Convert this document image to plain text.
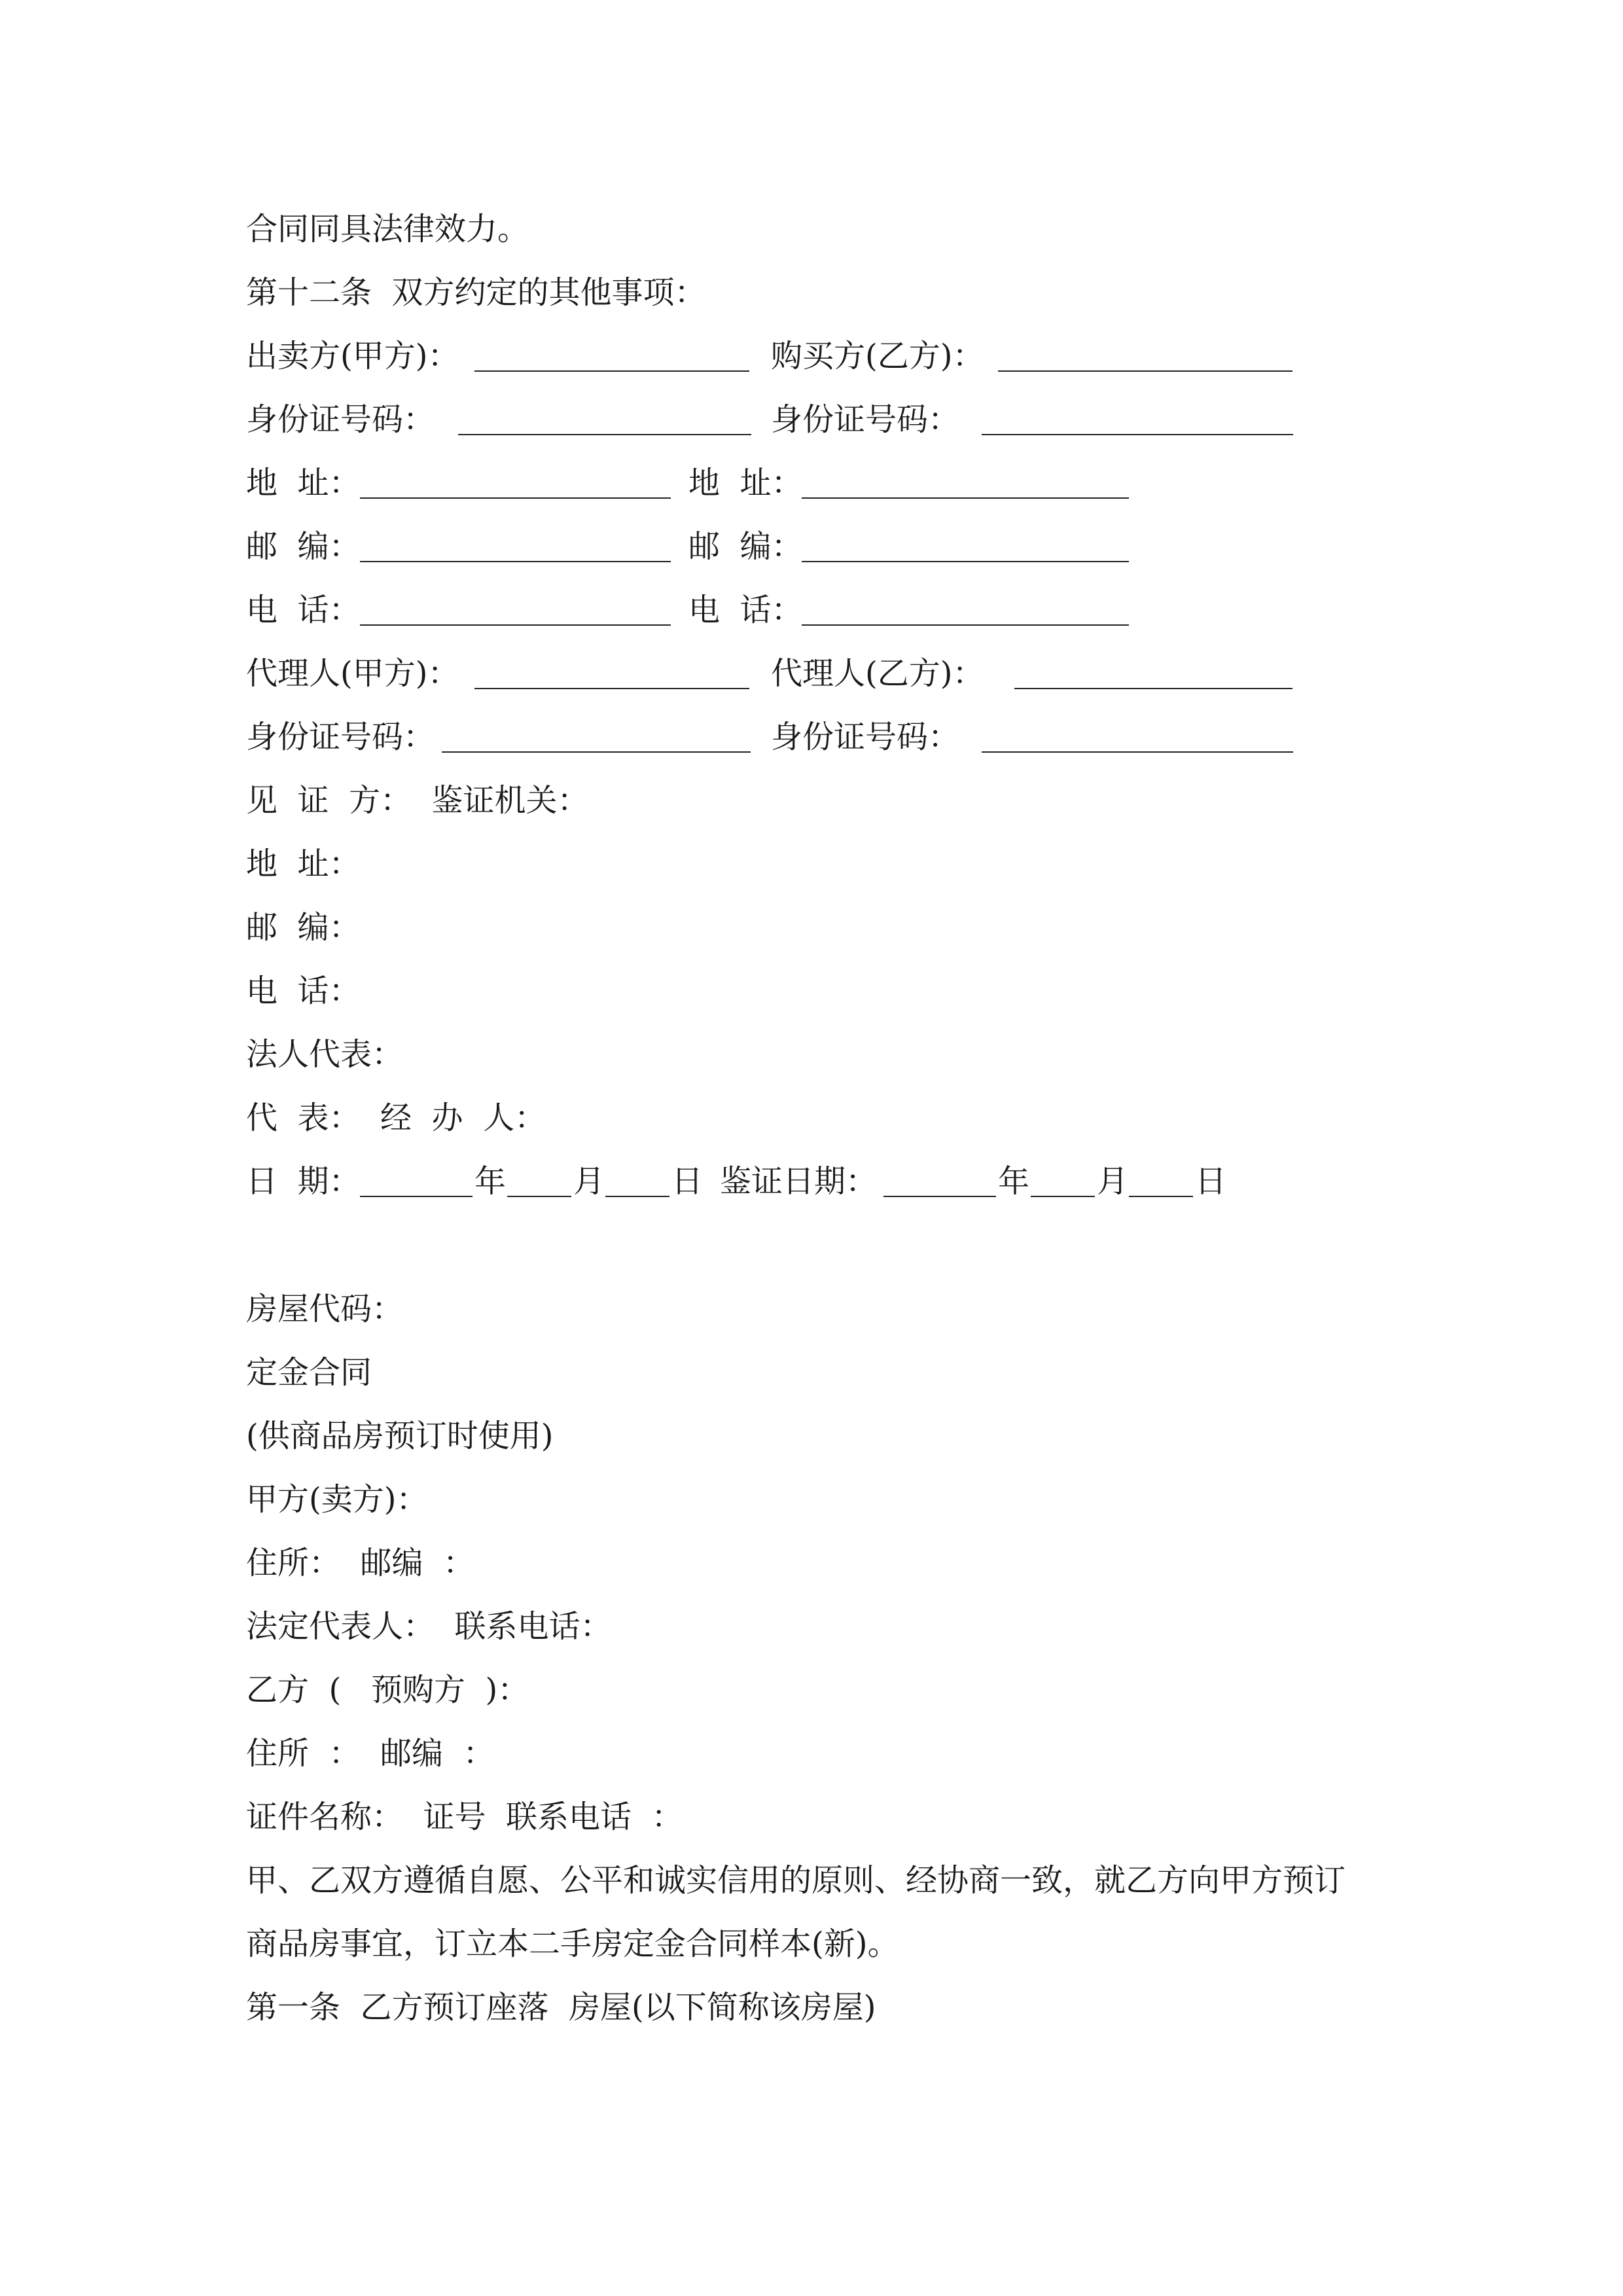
合同同具法律效力。
第十二条  双方约定的其他事项：
出卖方(甲方)：	购买方(乙方)：
身份证号码：	身份证号码：
地  址：	地  址：
邮  编：	邮  编：
电  话：	电  话：
代理人(甲方)：	代理人(乙方)：
身份证号码：	身份证号码：
见  证  方：  鉴证机关：
地  址：
邮  编：
电  话：
法人代表：
代  表：  经  办  人：
日  期：	年 月 日 鉴证日期：	年 月 日
房屋代码：
定金合同
(供商品房预订时使用)
甲方(卖方)：
住所：  邮编  ：
法定代表人：  联系电话：
乙方  (   预购方  )：
住所  ：  邮编  ：
证件名称：  证号  联系电话  ：
甲、乙双方遵循自愿、公平和诚实信用的原则、经协商一致，就乙方向甲方预订
商品房事宜，订立本二手房定金合同样本(新)。
第一条  乙方预订座落  房屋(以下简称该房屋)
